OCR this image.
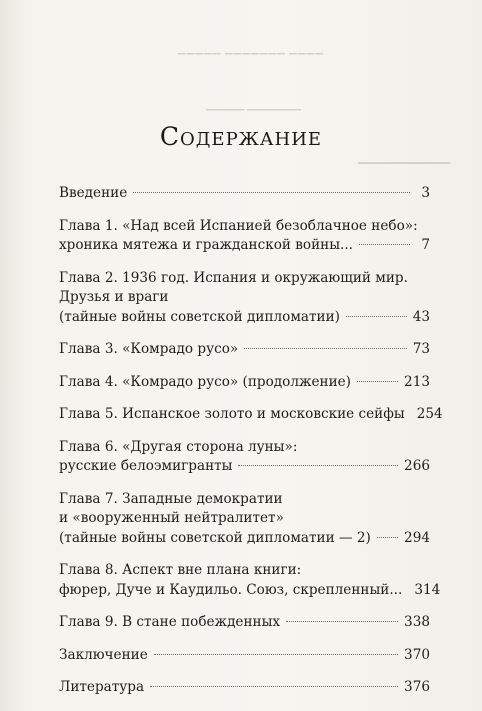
▁▁▁▁▁ ▁▁▁▁▁▁▁ ▁▁▁▁
▁▁▁▁▁ ▁▁▁▁▁▁▁
▁▁▁▁▁▁▁▁▁▁
Содержание
Введение	3
Глава 1. «Над всей Испанией безоблачное небо»:
хроника мятежа и гражданской войны...	7
Глава 2. 1936 год. Испания и окружающий мир.
Друзья и враги
(тайные войны советской дипломатии)	43
Глава 3. «Комрадо русо»	73
Глава 4. «Комрадо русо» (продолжение)	213
Глава 5. Испанское золото и московские сейфы 254
Глава 6. «Другая сторона луны»:
русские белоэмигранты	266
Глава 7. Западные демократии
и «вооруженный нейтралитет»
(тайные войны советской дипломатии — 2) 294
Глава 8. Аспект вне плана книги:
фюрер, Дуче и Каудильо. Союз, скрепленный... 314
Глава 9. В стане побежденных	338
Заключение	370
Литература	376
